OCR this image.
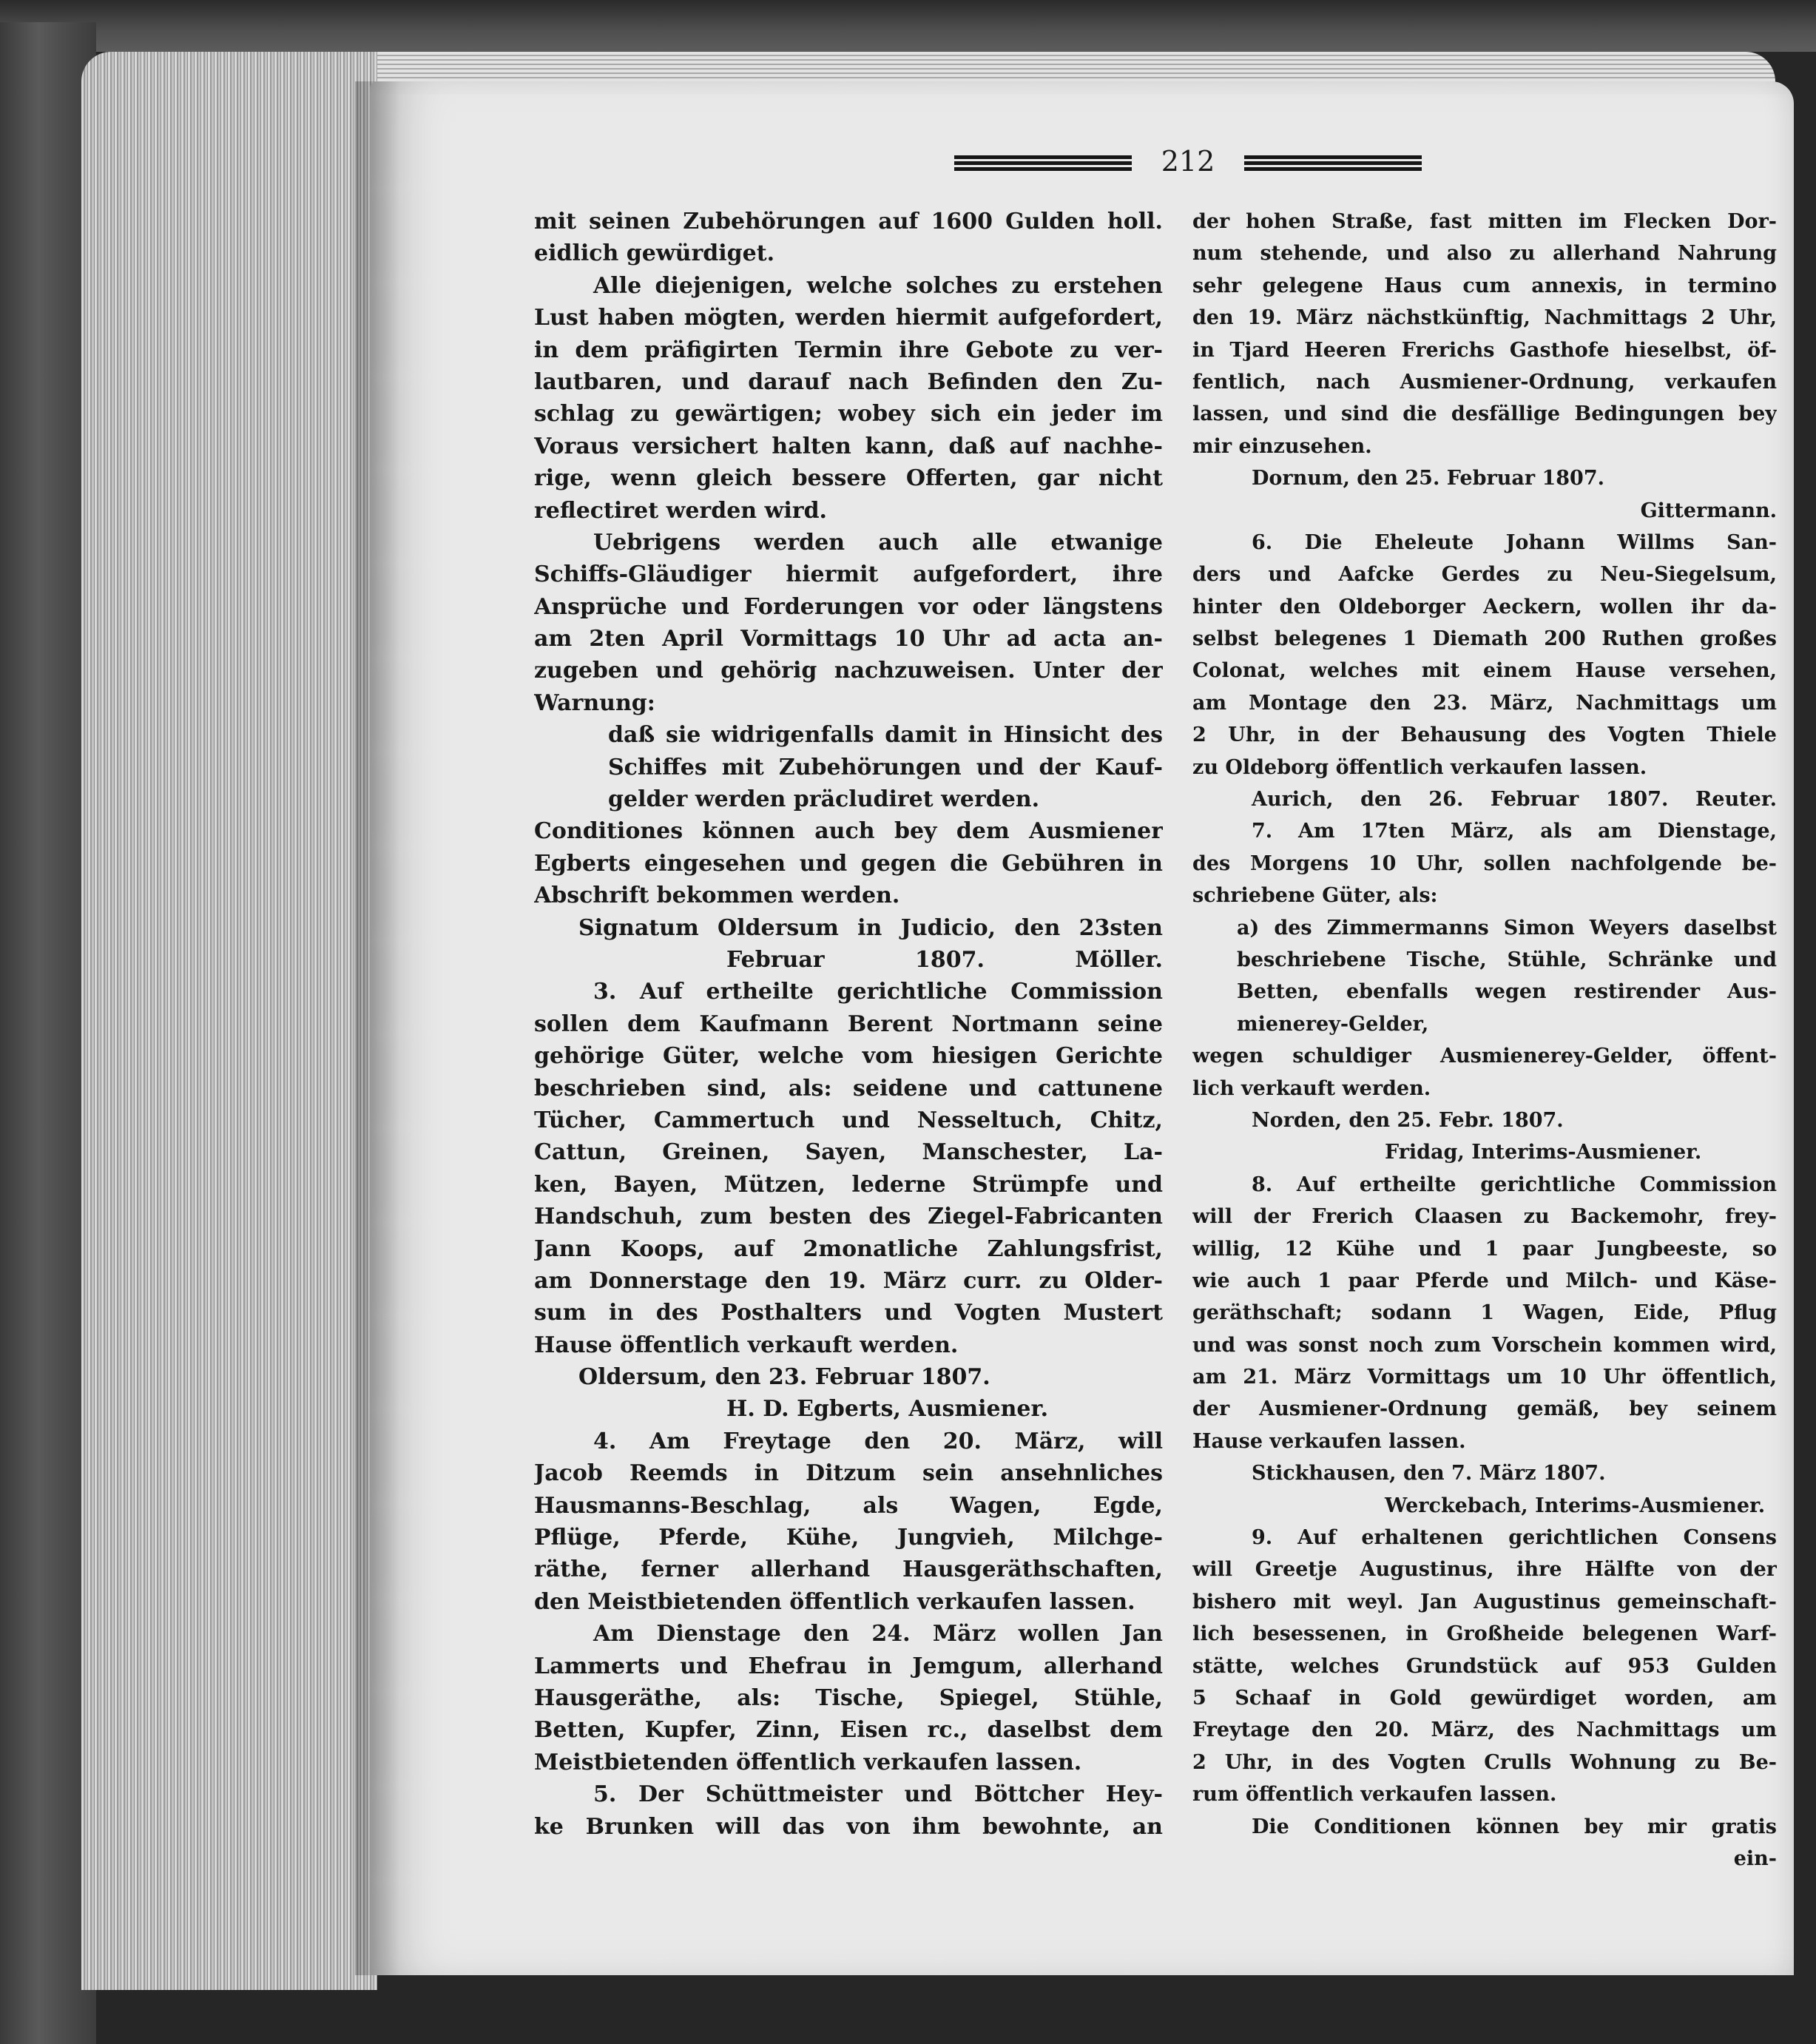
212
mit seinen Zubehörungen auf 1600 Gulden holl.
eidlich gewürdiget.
Alle diejenigen, welche solches zu erstehen
Lust haben mögten, werden hiermit aufgefordert,
in dem präfigirten Termin ihre Gebote zu ver-
lautbaren, und darauf nach Befinden den Zu-
schlag zu gewärtigen; wobey sich ein jeder im
Voraus versichert halten kann, daß auf nachhe-
rige, wenn gleich bessere Offerten, gar nicht
reflectiret werden wird.
Uebrigens werden auch alle etwanige
Schiffs-Gläudiger hiermit aufgefordert, ihre
Ansprüche und Forderungen vor oder längstens
am 2ten April Vormittags 10 Uhr ad acta an-
zugeben und gehörig nachzuweisen. Unter der
Warnung:
daß sie widrigenfalls damit in Hinsicht des
Schiffes mit Zubehörungen und der Kauf-
gelder werden präcludiret werden.
Conditiones können auch bey dem Ausmiener
Egberts eingesehen und gegen die Gebühren in
Abschrift bekommen werden.
Signatum Oldersum in Judicio, den 23sten
Februar 1807. Möller.
3. Auf ertheilte gerichtliche Commission
sollen dem Kaufmann Berent Nortmann seine
gehörige Güter, welche vom hiesigen Gerichte
beschrieben sind, als: seidene und cattunene
Tücher, Cammertuch und Nesseltuch, Chitz,
Cattun, Greinen, Sayen, Manschester, La-
ken, Bayen, Mützen, lederne Strümpfe und
Handschuh, zum besten des Ziegel-Fabricanten
Jann Koops, auf 2monatliche Zahlungsfrist,
am Donnerstage den 19. März curr. zu Older-
sum in des Posthalters und Vogten Mustert
Hause öffentlich verkauft werden.
Oldersum, den 23. Februar 1807.
H. D. Egberts, Ausmiener.
4. Am Freytage den 20. März, will
Jacob Reemds in Ditzum sein ansehnliches
Hausmanns-Beschlag, als Wagen, Egde,
Pflüge, Pferde, Kühe, Jungvieh, Milchge-
räthe, ferner allerhand Hausgeräthschaften,
den Meistbietenden öffentlich verkaufen lassen.
Am Dienstage den 24. März wollen Jan
Lammerts und Ehefrau in Jemgum, allerhand
Hausgeräthe, als: Tische, Spiegel, Stühle,
Betten, Kupfer, Zinn, Eisen rc., daselbst dem
Meistbietenden öffentlich verkaufen lassen.
5. Der Schüttmeister und Böttcher Hey-
ke Brunken will das von ihm bewohnte, an
der hohen Straße, fast mitten im Flecken Dor-
num stehende, und also zu allerhand Nahrung
sehr gelegene Haus cum annexis, in termino
den 19. März nächstkünftig, Nachmittags 2 Uhr,
in Tjard Heeren Frerichs Gasthofe hieselbst, öf-
fentlich, nach Ausmiener-Ordnung, verkaufen
lassen, und sind die desfällige Bedingungen bey
mir einzusehen.
Dornum, den 25. Februar 1807.
Gittermann.
6. Die Eheleute Johann Willms San-
ders und Aafcke Gerdes zu Neu-Siegelsum,
hinter den Oldeborger Aeckern, wollen ihr da-
selbst belegenes 1 Diemath 200 Ruthen großes
Colonat, welches mit einem Hause versehen,
am Montage den 23. März, Nachmittags um
2 Uhr, in der Behausung des Vogten Thiele
zu Oldeborg öffentlich verkaufen lassen.
Aurich, den 26. Februar 1807. Reuter.
7. Am 17ten März, als am Dienstage,
des Morgens 10 Uhr, sollen nachfolgende be-
schriebene Güter, als:
a) des Zimmermanns Simon Weyers daselbst
beschriebene Tische, Stühle, Schränke und
Betten, ebenfalls wegen restirender Aus-
mienerey-Gelder,
wegen schuldiger Ausmienerey-Gelder, öffent-
lich verkauft werden.
Norden, den 25. Febr. 1807.
Fridag, Interims-Ausmiener.
8. Auf ertheilte gerichtliche Commission
will der Frerich Claasen zu Backemohr, frey-
willig, 12 Kühe und 1 paar Jungbeeste, so
wie auch 1 paar Pferde und Milch- und Käse-
geräthschaft; sodann 1 Wagen, Eide, Pflug
und was sonst noch zum Vorschein kommen wird,
am 21. März Vormittags um 10 Uhr öffentlich,
der Ausmiener-Ordnung gemäß, bey seinem
Hause verkaufen lassen.
Stickhausen, den 7. März 1807.
Werckebach, Interims-Ausmiener.
9. Auf erhaltenen gerichtlichen Consens
will Greetje Augustinus, ihre Hälfte von der
bishero mit weyl. Jan Augustinus gemeinschaft-
lich besessenen, in Großheide belegenen Warf-
stätte, welches Grundstück auf 953 Gulden
5 Schaaf in Gold gewürdiget worden, am
Freytage den 20. März, des Nachmittags um
2 Uhr, in des Vogten Crulls Wohnung zu Be-
rum öffentlich verkaufen lassen.
Die Conditionen können bey mir gratis
ein-
